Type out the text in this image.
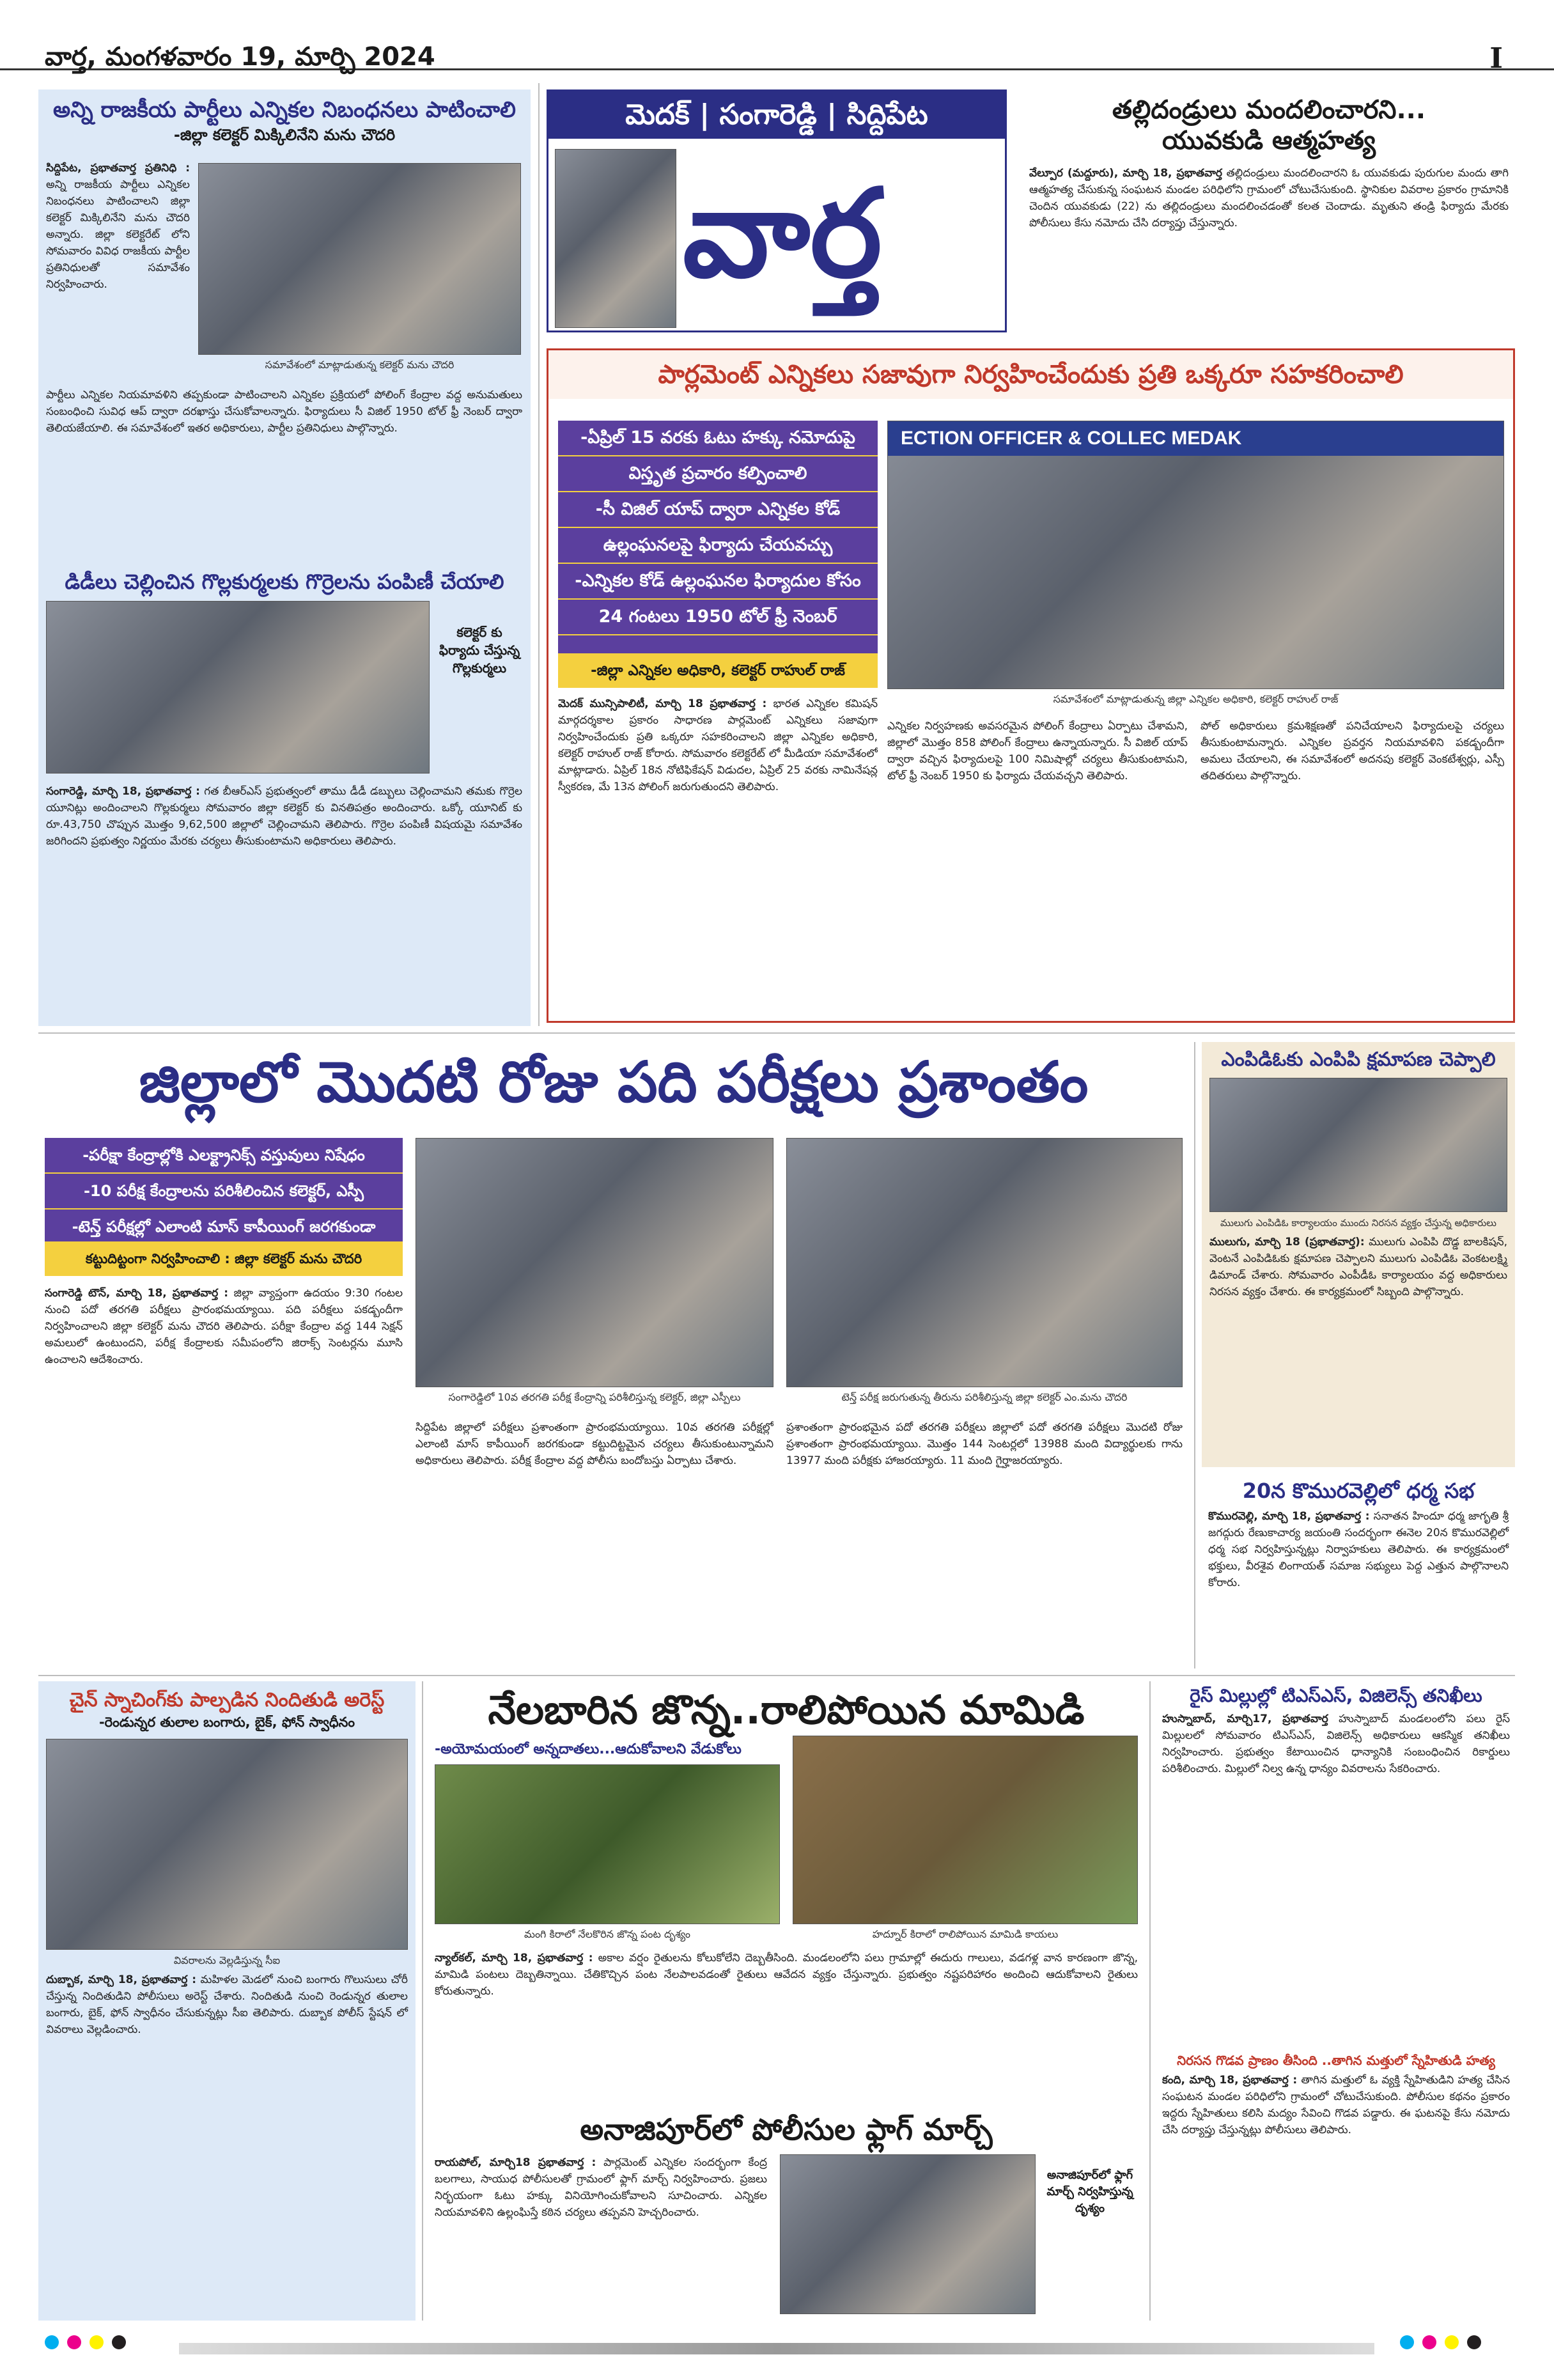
వార్త, మంగళవారం 19, మార్చి 2024	I
అన్ని రాజకీయ పార్టీలు ఎన్నికల నిబంధనలు పాటించాలి
-జిల్లా కలెక్టర్ మిక్కిలినేని మను చౌదరి

సిద్దిపేట, ప్రభాతవార్త ప్రతినిధి : అన్ని రాజకీయ పార్టీలు ఎన్నికల నిబంధనలు పాటించాలని జిల్లా కలెక్టర్ మిక్కిలినేని మను చౌదరి అన్నారు. జిల్లా కలెక్టరేట్ లోని సోమవారం వివిధ రాజకీయ పార్టీల ప్రతినిధులతో సమావేశం నిర్వహించారు.

సమావేశంలో మాట్లాడుతున్న కలెక్టర్ మను చౌదరి
పార్టీలు ఎన్నికల నియమావళిని తప్పకుండా పాటించాలని ఎన్నికల ప్రక్రియలో పోలింగ్ కేంద్రాల వద్ద అనుమతులు సంబంధించి సువిధ ఆప్ ద్వారా దరఖాస్తు చేసుకోవాలన్నారు. ఫిర్యాదులు సీ విజిల్ 1950 టోల్ ఫ్రీ నెంబర్ ద్వారా తెలియజేయాలి. ఈ సమావేశంలో ఇతర అధికారులు, పార్టీల ప్రతినిధులు పాల్గొన్నారు.
డిడీలు చెల్లించిన గొల్లకుర్మలకు గొర్రెలను పంపిణీ చేయాలి
కలెక్టర్ కు ఫిర్యాదు చేస్తున్న గొల్లకుర్మలు

సంగారెడ్డి, మార్చి 18, ప్రభాతవార్త : గత బీఆర్ఎస్ ప్రభుత్వంలో తాము డీడీ డబ్బులు చెల్లించామని తమకు గొర్రెల యూనిట్లు అందించాలని గొల్లకుర్మలు సోమవారం జిల్లా కలెక్టర్ కు వినతిపత్రం అందించారు. ఒక్కో యూనిట్ కు రూ.43,750 చొప్పున మొత్తం 9,62,500 జిల్లాలో చెల్లించామని తెలిపారు. గొర్రెల పంపిణీ విషయమై సమావేశం జరిగిందని ప్రభుత్వం నిర్ణయం మేరకు చర్యలు తీసుకుంటామని అధికారులు తెలిపారు.

మెదక్ | సంగారెడ్డి | సిద్దిపేట
వార్త
తల్లిదండ్రులు మందలించారని...
యువకుడి ఆత్మహత్య

వేల్పూర (మద్దూరు), మార్చి 18, ప్రభాతవార్త తల్లిదండ్రులు మందలించారని ఓ యువకుడు పురుగుల మందు తాగి ఆత్మహత్య చేసుకున్న సంఘటన మండల పరిధిలోని గ్రామంలో చోటుచేసుకుంది. స్థానికుల వివరాల ప్రకారం గ్రామానికి చెందిన యువకుడు (22) ను తల్లిదండ్రులు మందలించడంతో కలత చెందాడు. మృతుని తండ్రి ఫిర్యాదు మేరకు పోలీసులు కేసు నమోదు చేసి దర్యాప్తు చేస్తున్నారు.

పార్లమెంట్ ఎన్నికలు సజావుగా నిర్వహించేందుకు ప్రతి ఒక్కరూ సహకరించాలి
-ఏప్రిల్ 15 వరకు ఓటు హక్కు నమోదుపై
విస్తృత ప్రచారం కల్పించాలి
-సీ విజిల్ యాప్ ద్వారా ఎన్నికల కోడ్
ఉల్లంఘనలపై ఫిర్యాదు చేయవచ్చు
-ఎన్నికల కోడ్ ఉల్లంఘనల ఫిర్యాదుల కోసం
24 గంటలు 1950 టోల్ ఫ్రీ నెంబర్
-జిల్లా ఎన్నికల అధికారి, కలెక్టర్ రాహుల్ రాజ్
ECTION OFFICER & COLLEC MEDAK
సమావేశంలో మాట్లాడుతున్న జిల్లా ఎన్నికల అధికారి, కలెక్టర్ రాహుల్ రాజ్

మెదక్ మున్సిపాలిటీ, మార్చి 18 ప్రభాతవార్త : భారత ఎన్నికల కమిషన్ మార్గదర్శకాల ప్రకారం సాధారణ పార్లమెంట్ ఎన్నికలు సజావుగా నిర్వహించేందుకు ప్రతి ఒక్కరూ సహకరించాలని జిల్లా ఎన్నికల అధికారి, కలెక్టర్ రాహుల్ రాజ్ కోరారు. సోమవారం కలెక్టరేట్ లో మీడియా సమావేశంలో మాట్లాడారు. ఏప్రిల్ 18న నోటిఫికేషన్ విడుదల, ఏప్రిల్ 25 వరకు నామినేషన్ల స్వీకరణ, మే 13న పోలింగ్ జరుగుతుందని తెలిపారు.

ఎన్నికల నిర్వహణకు అవసరమైన పోలింగ్ కేంద్రాలు ఏర్పాటు చేశామని, జిల్లాలో మొత్తం 858 పోలింగ్ కేంద్రాలు ఉన్నాయన్నారు. సీ విజిల్ యాప్ ద్వారా వచ్చిన ఫిర్యాదులపై 100 నిమిషాల్లో చర్యలు తీసుకుంటామని, టోల్ ఫ్రీ నెంబర్ 1950 కు ఫిర్యాదు చేయవచ్చని తెలిపారు.
పోల్ అధికారులు క్రమశిక్షణతో పనిచేయాలని ఫిర్యాదులపై చర్యలు తీసుకుంటామన్నారు. ఎన్నికల ప్రవర్తన నియమావళిని పకడ్బందీగా అమలు చేయాలని, ఈ సమావేశంలో అదనపు కలెక్టర్ వెంకటేశ్వర్లు, ఎస్పీ తదితరులు పాల్గొన్నారు.
జిల్లాలో మొదటి రోజు పది పరీక్షలు ప్రశాంతం
-పరీక్షా కేంద్రాల్లోకి ఎలక్ట్రానిక్స్ వస్తువులు నిషేధం
-10 పరీక్ష కేంద్రాలను పరిశీలించిన కలెక్టర్, ఎస్పీ
-టెన్త్ పరీక్షల్లో ఎలాంటి మాస్ కాపీయింగ్ జరగకుండా
కట్టుదిట్టంగా నిర్వహించాలి : జిల్లా కలెక్టర్ మను చౌదరి
సంగారెడ్డిలో 10వ తరగతి పరీక్ష కేంద్రాన్ని పరిశీలిస్తున్న కలెక్టర్, జిల్లా ఎస్పీలు	టెన్త్ పరీక్ష జరుగుతున్న తీరును పరిశీలిస్తున్న జిల్లా కలెక్టర్ ఎం.మను చౌదరి

సంగారెడ్డి టౌన్, మార్చి 18, ప్రభాతవార్త : జిల్లా వ్యాప్తంగా ఉదయం 9:30 గంటల నుంచి పదో తరగతి పరీక్షలు ప్రారంభమయ్యాయి. పది పరీక్షలు పకడ్బందీగా నిర్వహించాలని జిల్లా కలెక్టర్ మను చౌదరి తెలిపారు. పరీక్షా కేంద్రాల వద్ద 144 సెక్షన్ అమలులో ఉంటుందని, పరీక్ష కేంద్రాలకు సమీపంలోని జిరాక్స్ సెంటర్లను మూసి ఉంచాలని ఆదేశించారు.

సిద్దిపేట జిల్లాలో పరీక్షలు ప్రశాంతంగా ప్రారంభమయ్యాయి. 10వ తరగతి పరీక్షల్లో ఎలాంటి మాస్ కాపీయింగ్ జరగకుండా కట్టుదిట్టమైన చర్యలు తీసుకుంటున్నామని అధికారులు తెలిపారు. పరీక్ష కేంద్రాల వద్ద పోలీసు బందోబస్తు ఏర్పాటు చేశారు.
ప్రశాంతంగా ప్రారంభమైన పదో తరగతి పరీక్షలు జిల్లాలో పదో తరగతి పరీక్షలు మొదటి రోజు ప్రశాంతంగా ప్రారంభమయ్యాయి. మొత్తం 144 సెంటర్లలో 13988 మంది విద్యార్థులకు గాను 13977 మంది పరీక్షకు హాజరయ్యారు. 11 మంది గైర్హాజరయ్యారు.
ఎంపిడిఓకు ఎంపిపి క్షమాపణ చెప్పాలి
ములుగు ఎంపిడిఓ కార్యాలయం ముందు నిరసన వ్యక్తం చేస్తున్న అధికారులు

ములుగు, మార్చి 18 (ప్రభాతవార్త): ములుగు ఎంపిపి దొడ్డ బాలకిషన్, వెంటనే ఎంపిడిఓకు క్షమాపణ చెప్పాలని ములుగు ఎంపిడిఓ వెంకటలక్ష్మి డిమాండ్ చేశారు. సోమవారం ఎంపీడీఓ కార్యాలయం వద్ద అధికారులు నిరసన వ్యక్తం చేశారు. ఈ కార్యక్రమంలో సిబ్బంది పాల్గొన్నారు.

20న కొమురవెల్లిలో ధర్మ సభ

కొమురవెల్లి, మార్చి 18, ప్రభాతవార్త : సనాతన హిందూ ధర్మ జాగృతి శ్రీ జగద్గురు రేణుకాచార్య జయంతి సందర్భంగా ఈనెల 20న కొమురవెల్లిలో ధర్మ సభ నిర్వహిస్తున్నట్లు నిర్వాహకులు తెలిపారు. ఈ కార్యక్రమంలో భక్తులు, వీరశైవ లింగాయత్ సమాజ సభ్యులు పెద్ద ఎత్తున పాల్గొనాలని కోరారు.

చైన్ స్నాచింగ్‌కు పాల్పడిన నిందితుడి అరెస్ట్
-రెండున్నర తులాల బంగారు, బైక్, ఫోన్ స్వాధీనం
వివరాలను వెల్లడిస్తున్న సీఐ

దుబ్బాక, మార్చి 18, ప్రభాతవార్త : మహిళల మెడలో నుంచి బంగారు గొలుసులు చోరీ చేస్తున్న నిందితుడిని పోలీసులు అరెస్ట్ చేశారు. నిందితుడి నుంచి రెండున్నర తులాల బంగారు, బైక్, ఫోన్ స్వాధీనం చేసుకున్నట్లు సీఐ తెలిపారు. దుబ్బాక పోలీస్ స్టేషన్ లో వివరాలు వెల్లడించారు.

నేలబారిన జొన్న..రాలిపోయిన మామిడి
-అయోమయంలో అన్నదాతలు...ఆదుకోవాలని వేడుకోలు
మంగి కిరాలో నేలకొరిన జొన్న పంట దృశ్యం	హద్నూర్ కిరాలో రాలిపోయిన మామిడి కాయలు

న్యాల్‌కల్, మార్చి 18, ప్రభాతవార్త : అకాల వర్షం రైతులను కోలుకోలేని దెబ్బతీసింది. మండలంలోని పలు గ్రామాల్లో ఈదురు గాలులు, వడగళ్ల వాన కారణంగా జొన్న, మామిడి పంటలు దెబ్బతిన్నాయి. చేతికొచ్చిన పంట నేలపాలవడంతో రైతులు ఆవేదన వ్యక్తం చేస్తున్నారు. ప్రభుత్వం నష్టపరిహారం అందించి ఆదుకోవాలని రైతులు కోరుతున్నారు.

అనాజిపూర్‌లో పోలీసుల ఫ్లాగ్ మార్చ్

రాయపోల్, మార్చి18 ప్రభాతవార్త : పార్లమెంట్ ఎన్నికల సందర్భంగా కేంద్ర బలగాలు, సాయుధ పోలీసులతో గ్రామంలో ఫ్లాగ్ మార్చ్ నిర్వహించారు. ప్రజలు నిర్భయంగా ఓటు హక్కు వినియోగించుకోవాలని సూచించారు. ఎన్నికల నియమావళిని ఉల్లంఘిస్తే కఠిన చర్యలు తప్పవని హెచ్చరించారు.

అనాజిపూర్‌లో ఫ్లాగ్ మార్చ్ నిర్వహిస్తున్న దృశ్యం
రైస్ మిల్లుల్లో టిఎస్ఎస్, విజిలెన్స్ తనిఖీలు

హుస్నాబాద్, మార్చి17, ప్రభాతవార్త హుస్నాబాద్ మండలంలోని పలు రైస్ మిల్లులలో సోమవారం టిఎస్ఎస్, విజిలెన్స్ అధికారులు ఆకస్మిక తనిఖీలు నిర్వహించారు. ప్రభుత్వం కేటాయించిన ధాన్యానికి సంబంధించిన రికార్డులు పరిశీలించారు. మిల్లులో నిల్వ ఉన్న ధాన్యం వివరాలను సేకరించారు.

నిరసన గొడవ ప్రాణం తీసింది ..తాగిన మత్తులో స్నేహితుడి హత్య

కంది, మార్చి 18, ప్రభాతవార్త : తాగిన మత్తులో ఓ వ్యక్తి స్నేహితుడిని హత్య చేసిన సంఘటన మండల పరిధిలోని గ్రామంలో చోటుచేసుకుంది. పోలీసుల కథనం ప్రకారం ఇద్దరు స్నేహితులు కలిసి మద్యం సేవించి గొడవ పడ్డారు. ఈ ఘటనపై కేసు నమోదు చేసి దర్యాప్తు చేస్తున్నట్లు పోలీసులు తెలిపారు.
